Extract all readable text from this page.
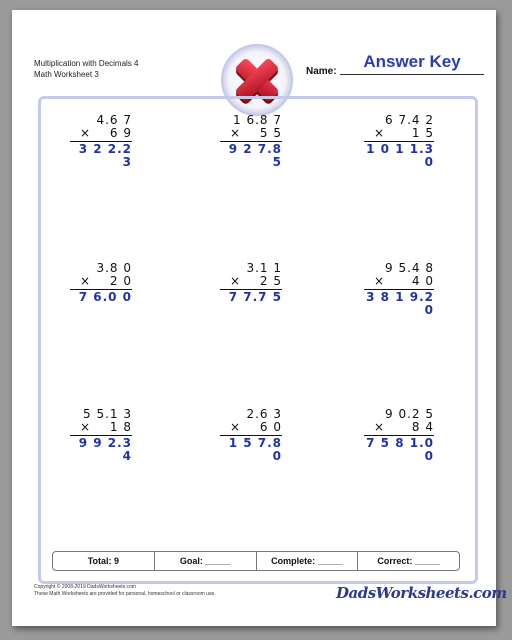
Multiplication with Decimals 4
Math Worksheet 3	Name:
Answer Key
4.6 7
× 6 9
3 2 2.2 3
1 6.8 7
× 5 5
9 2 7.8 5
6 7.4 2
× 1 5
1 0 1 1.3 0
3.8 0
× 2 0
7 6.0 0
3.1 1
× 2 5
7 7.7 5
9 5.4 8
× 4 0
3 8 1 9.2 0
5 5.1 3
× 1 8
9 9 2.3 4
2.6 3
× 6 0
1 5 7.8 0
9 0.2 5
× 8 4
7 5 8 1.0 0
Total: 9	Goal: _____	Complete: _____	Correct: _____
Copyright © 2008-2019 DadsWorksheets.com
These Math Worksheets are provided for personal, homeschool or classroom use.	DadsWorksheets.com
